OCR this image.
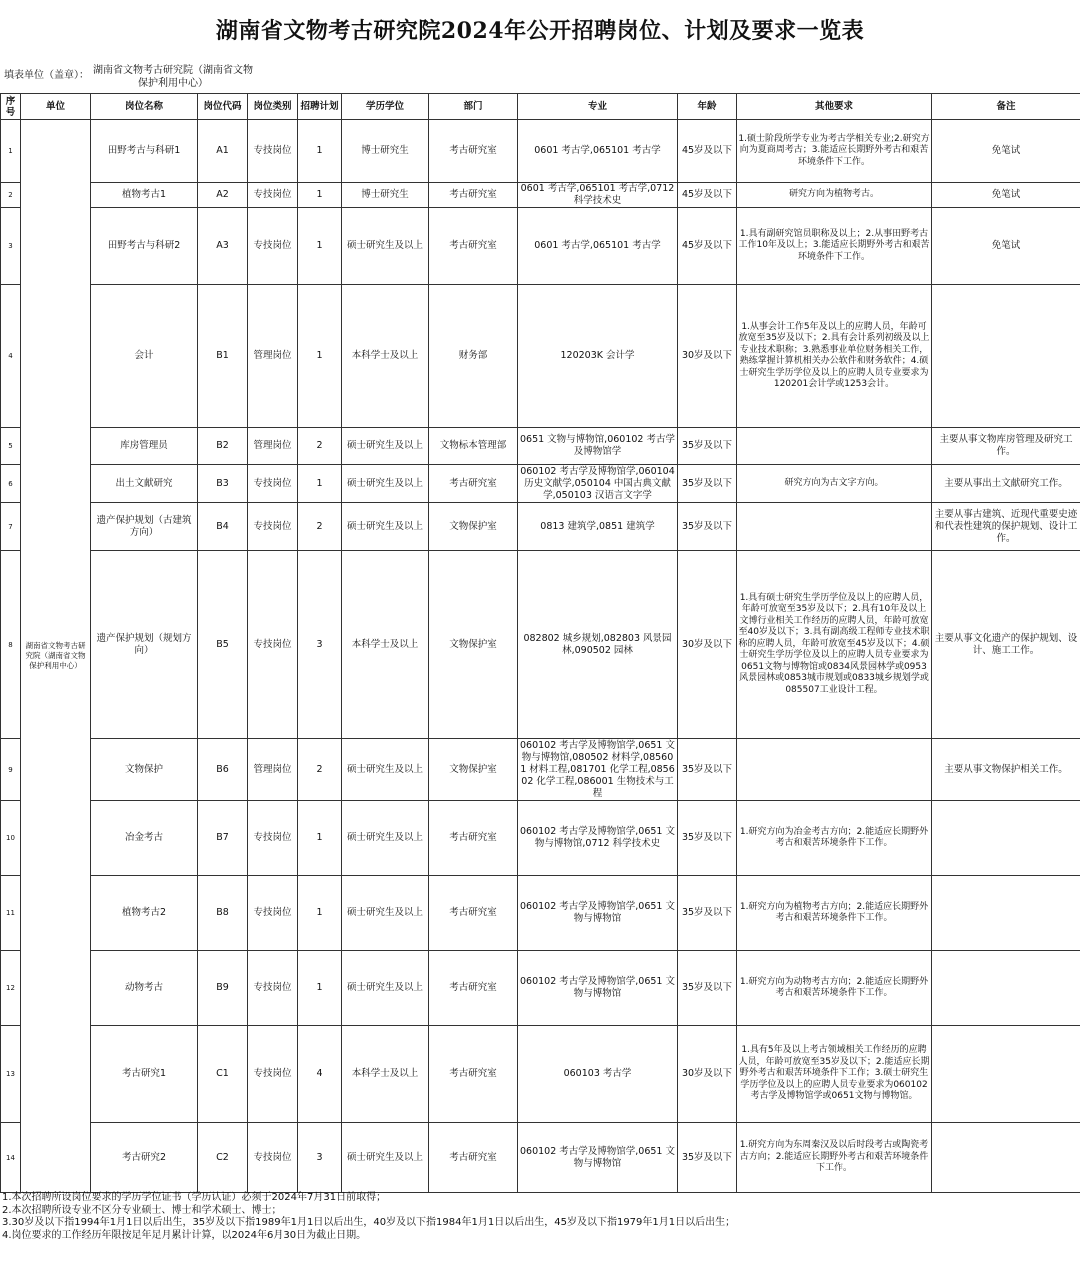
湖南省文物考古研究院2024年公开招聘岗位、计划及要求一览表
填表单位（盖章）： 湖南省文物考古研究院（湖南省文物保护利用中心）
序号	单位	岗位名称	岗位代码	岗位类别	招聘计划	学历学位	部门	专业	年龄	其他要求	备注
1	湖南省文物考古研究院（湖南省文物保护利用中心）	田野考古与科研1	A1	专技岗位	1	博士研究生	考古研究室	0601 考古学,065101 考古学	45岁及以下	1.硕士阶段所学专业为考古学相关专业;2.研究方向为夏商周考古；3.能适应长期野外考古和艰苦环境条件下工作。	免笔试
2		植物考古1	A2	专技岗位	1	博士研究生	考古研究室	0601 考古学,065101 考古学,0712 科学技术史	45岁及以下	研究方向为植物考古。	免笔试
3		田野考古与科研2	A3	专技岗位	1	硕士研究生及以上	考古研究室	0601 考古学,065101 考古学	45岁及以下	1.具有副研究馆员职称及以上；2.从事田野考古工作10年及以上；3.能适应长期野外考古和艰苦环境条件下工作。	免笔试
4		会计	B1	管理岗位	1	本科学士及以上	财务部	120203K 会计学	30岁及以下	1.从事会计工作5年及以上的应聘人员，年龄可放宽至35岁及以下；2.具有会计系列初级及以上专业技术职称；3.熟悉事业单位财务相关工作，熟练掌握计算机相关办公软件和财务软件；4.硕士研究生学历学位及以上的应聘人员专业要求为120201会计学或1253会计。	
5		库房管理员	B2	管理岗位	2	硕士研究生及以上	文物标本管理部	0651 文物与博物馆,060102 考古学及博物馆学	35岁及以下		主要从事文物库房管理及研究工作。
6		出土文献研究	B3	专技岗位	1	硕士研究生及以上	考古研究室	060102 考古学及博物馆学,060104 历史文献学,050104 中国古典文献学,050103 汉语言文字学	35岁及以下	研究方向为古文字方向。	主要从事出土文献研究工作。
7		遗产保护规划（古建筑方向）	B4	专技岗位	2	硕士研究生及以上	文物保护室	0813 建筑学,0851 建筑学	35岁及以下		主要从事古建筑、近现代重要史迹和代表性建筑的保护规划、设计工作。
8		遗产保护规划（规划方向）	B5	专技岗位	3	本科学士及以上	文物保护室	082802 城乡规划,082803 风景园林,090502 园林	30岁及以下	1.具有硕士研究生学历学位及以上的应聘人员，年龄可放宽至35岁及以下；2.具有10年及以上文博行业相关工作经历的应聘人员，年龄可放宽至40岁及以下；3.具有副高级工程师专业技术职称的应聘人员，年龄可放宽至45岁及以下；4.硕士研究生学历学位及以上的应聘人员专业要求为0651文物与博物馆或0834风景园林学或0953风景园林或0853城市规划或0833城乡规划学或085507工业设计工程。	主要从事文化遗产的保护规划、设计、施工工作。
9		文物保护	B6	管理岗位	2	硕士研究生及以上	文物保护室	060102 考古学及博物馆学,0651 文物与博物馆,080502 材料学,085601 材料工程,081701 化学工程,085602 化学工程,086001 生物技术与工程	35岁及以下		主要从事文物保护相关工作。
10		冶金考古	B7	专技岗位	1	硕士研究生及以上	考古研究室	060102 考古学及博物馆学,0651 文物与博物馆,0712 科学技术史	35岁及以下	1.研究方向为冶金考古方向；2.能适应长期野外考古和艰苦环境条件下工作。	
11		植物考古2	B8	专技岗位	1	硕士研究生及以上	考古研究室	060102 考古学及博物馆学,0651 文物与博物馆	35岁及以下	1.研究方向为植物考古方向；2.能适应长期野外考古和艰苦环境条件下工作。	
12		动物考古	B9	专技岗位	1	硕士研究生及以上	考古研究室	060102 考古学及博物馆学,0651 文物与博物馆	35岁及以下	1.研究方向为动物考古方向；2.能适应长期野外考古和艰苦环境条件下工作。	
13		考古研究1	C1	专技岗位	4	本科学士及以上	考古研究室	060103 考古学	30岁及以下	1.具有5年及以上考古领域相关工作经历的应聘人员，年龄可放宽至35岁及以下；2.能适应长期野外考古和艰苦环境条件下工作；3.硕士研究生学历学位及以上的应聘人员专业要求为060102考古学及博物馆学或0651文物与博物馆。	
14		考古研究2	C2	专技岗位	3	硕士研究生及以上	考古研究室	060102 考古学及博物馆学,0651 文物与博物馆	35岁及以下	1.研究方向为东周秦汉及以后时段考古或陶瓷考古方向；2.能适应长期野外考古和艰苦环境条件下工作。	
1.本次招聘所设岗位要求的学历学位证书（学历认证）必须于2024年7月31日前取得；
2.本次招聘所设专业不区分专业硕士、博士和学术硕士、博士；
3.30岁及以下指1994年1月1日以后出生，35岁及以下指1989年1月1日以后出生，40岁及以下指1984年1月1日以后出生，45岁及以下指1979年1月1日以后出生；
4.岗位要求的工作经历年限按足年足月累计计算，以2024年6月30日为截止日期。
